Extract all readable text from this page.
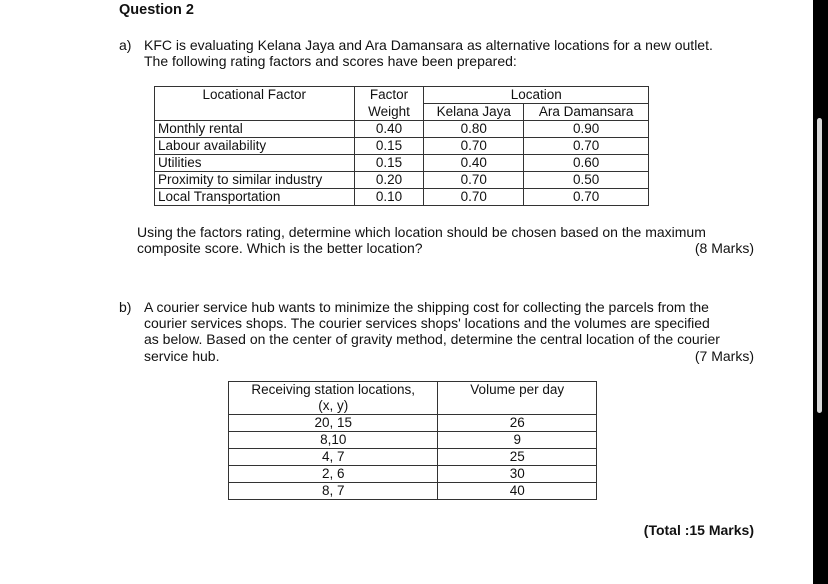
Question 2
a) KFC is evaluating Kelana Jaya and Ara Damansara as alternative locations for a new outlet.
The following rating factors and scores have been prepared:
Locational Factor	Factor	Location	
	Weight	Kelana Jaya	Ara Damansara
Monthly rental	0.40	0.80	0.90
Labour availability	0.15	0.70	0.70
Utilities	0.15	0.40	0.60
Proximity to similar industry	0.20	0.70	0.50
Local Transportation	0.10	0.70	0.70
Using the factors rating, determine which location should be chosen based on the maximum
composite score. Which is the better location?	(8 Marks)
b) A courier service hub wants to minimize the shipping cost for collecting the parcels from the
courier services shops. The courier services shops' locations and the volumes are specified
as below. Based on the center of gravity method, determine the central location of the courier
service hub.	(7 Marks)
Receiving station locations,	Volume per day
(x, y)	
20, 15	26
8,10	9
4, 7	25
2, 6	30
8, 7	40
(Total :15 Marks)
